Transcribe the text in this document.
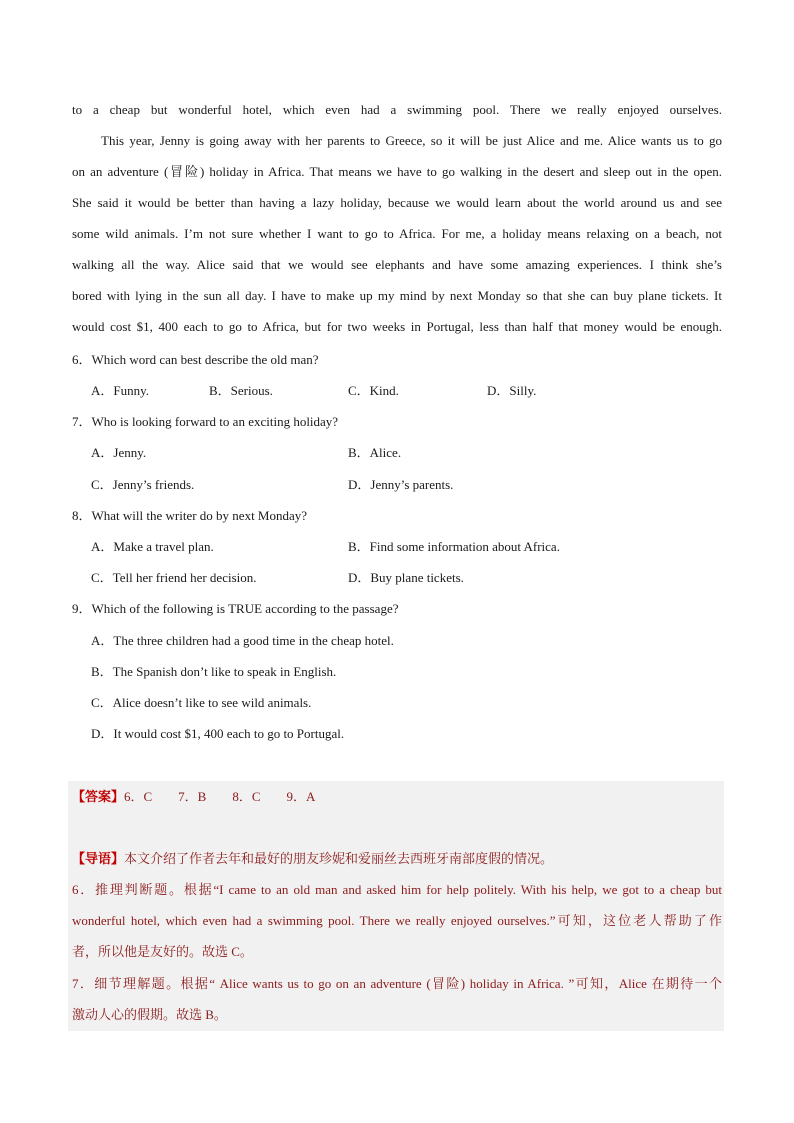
to a cheap but wonderful hotel, which even had a swimming pool. There we really enjoyed ourselves.
This year, Jenny is going away with her parents to Greece, so it will be just Alice and me. Alice wants us to go
on an adventure (冒险) holiday in Africa. That means we have to go walking in the desert and sleep out in the open.
She said it would be better than having a lazy holiday, because we would learn about the world around us and see
some wild animals. I’m not sure whether I want to go to Africa. For me, a holiday means relaxing on a beach, not
walking all the way. Alice said that we would see elephants and have some amazing experiences. I think she’s
bored with lying in the sun all day. I have to make up my mind by next Monday so that she can buy plane tickets. It
would cost $1, 400 each to go to Africa, but for two weeks in Portugal, less than half that money would be enough.
6．Which word can best describe the old man?
A．Funny.	B．Serious.	C．Kind.	D．Silly.
7．Who is looking forward to an exciting holiday?
A．Jenny.	B．Alice.
C．Jenny’s friends.	D．Jenny’s parents.
8．What will the writer do by next Monday?
A．Make a travel plan.	B．Find some information about Africa.
C．Tell her friend her decision.	D．Buy plane tickets.
9．Which of the following is TRUE according to the passage?
A．The three children had a good time in the cheap hotel.
B．The Spanish don’t like to speak in English.
C．Alice doesn’t like to see wild animals.
D．It would cost $1, 400 each to go to Portugal.
【答案】6．C　　7．B　　8．C　　9．A
【导语】本文介绍了作者去年和最好的朋友珍妮和爱丽丝去西班牙南部度假的情况。
6．推理判断题。根据“I came to an old man and asked him for help politely. With his help, we got to a cheap but
wonderful hotel, which even had a swimming pool. There we really enjoyed ourselves.”可知，这位老人帮助了作
者，所以他是友好的。故选 C。
7．细节理解题。根据“ Alice wants us to go on an adventure (冒险) holiday in Africa. ”可知，Alice 在期待一个
激动人心的假期。故选 B。
